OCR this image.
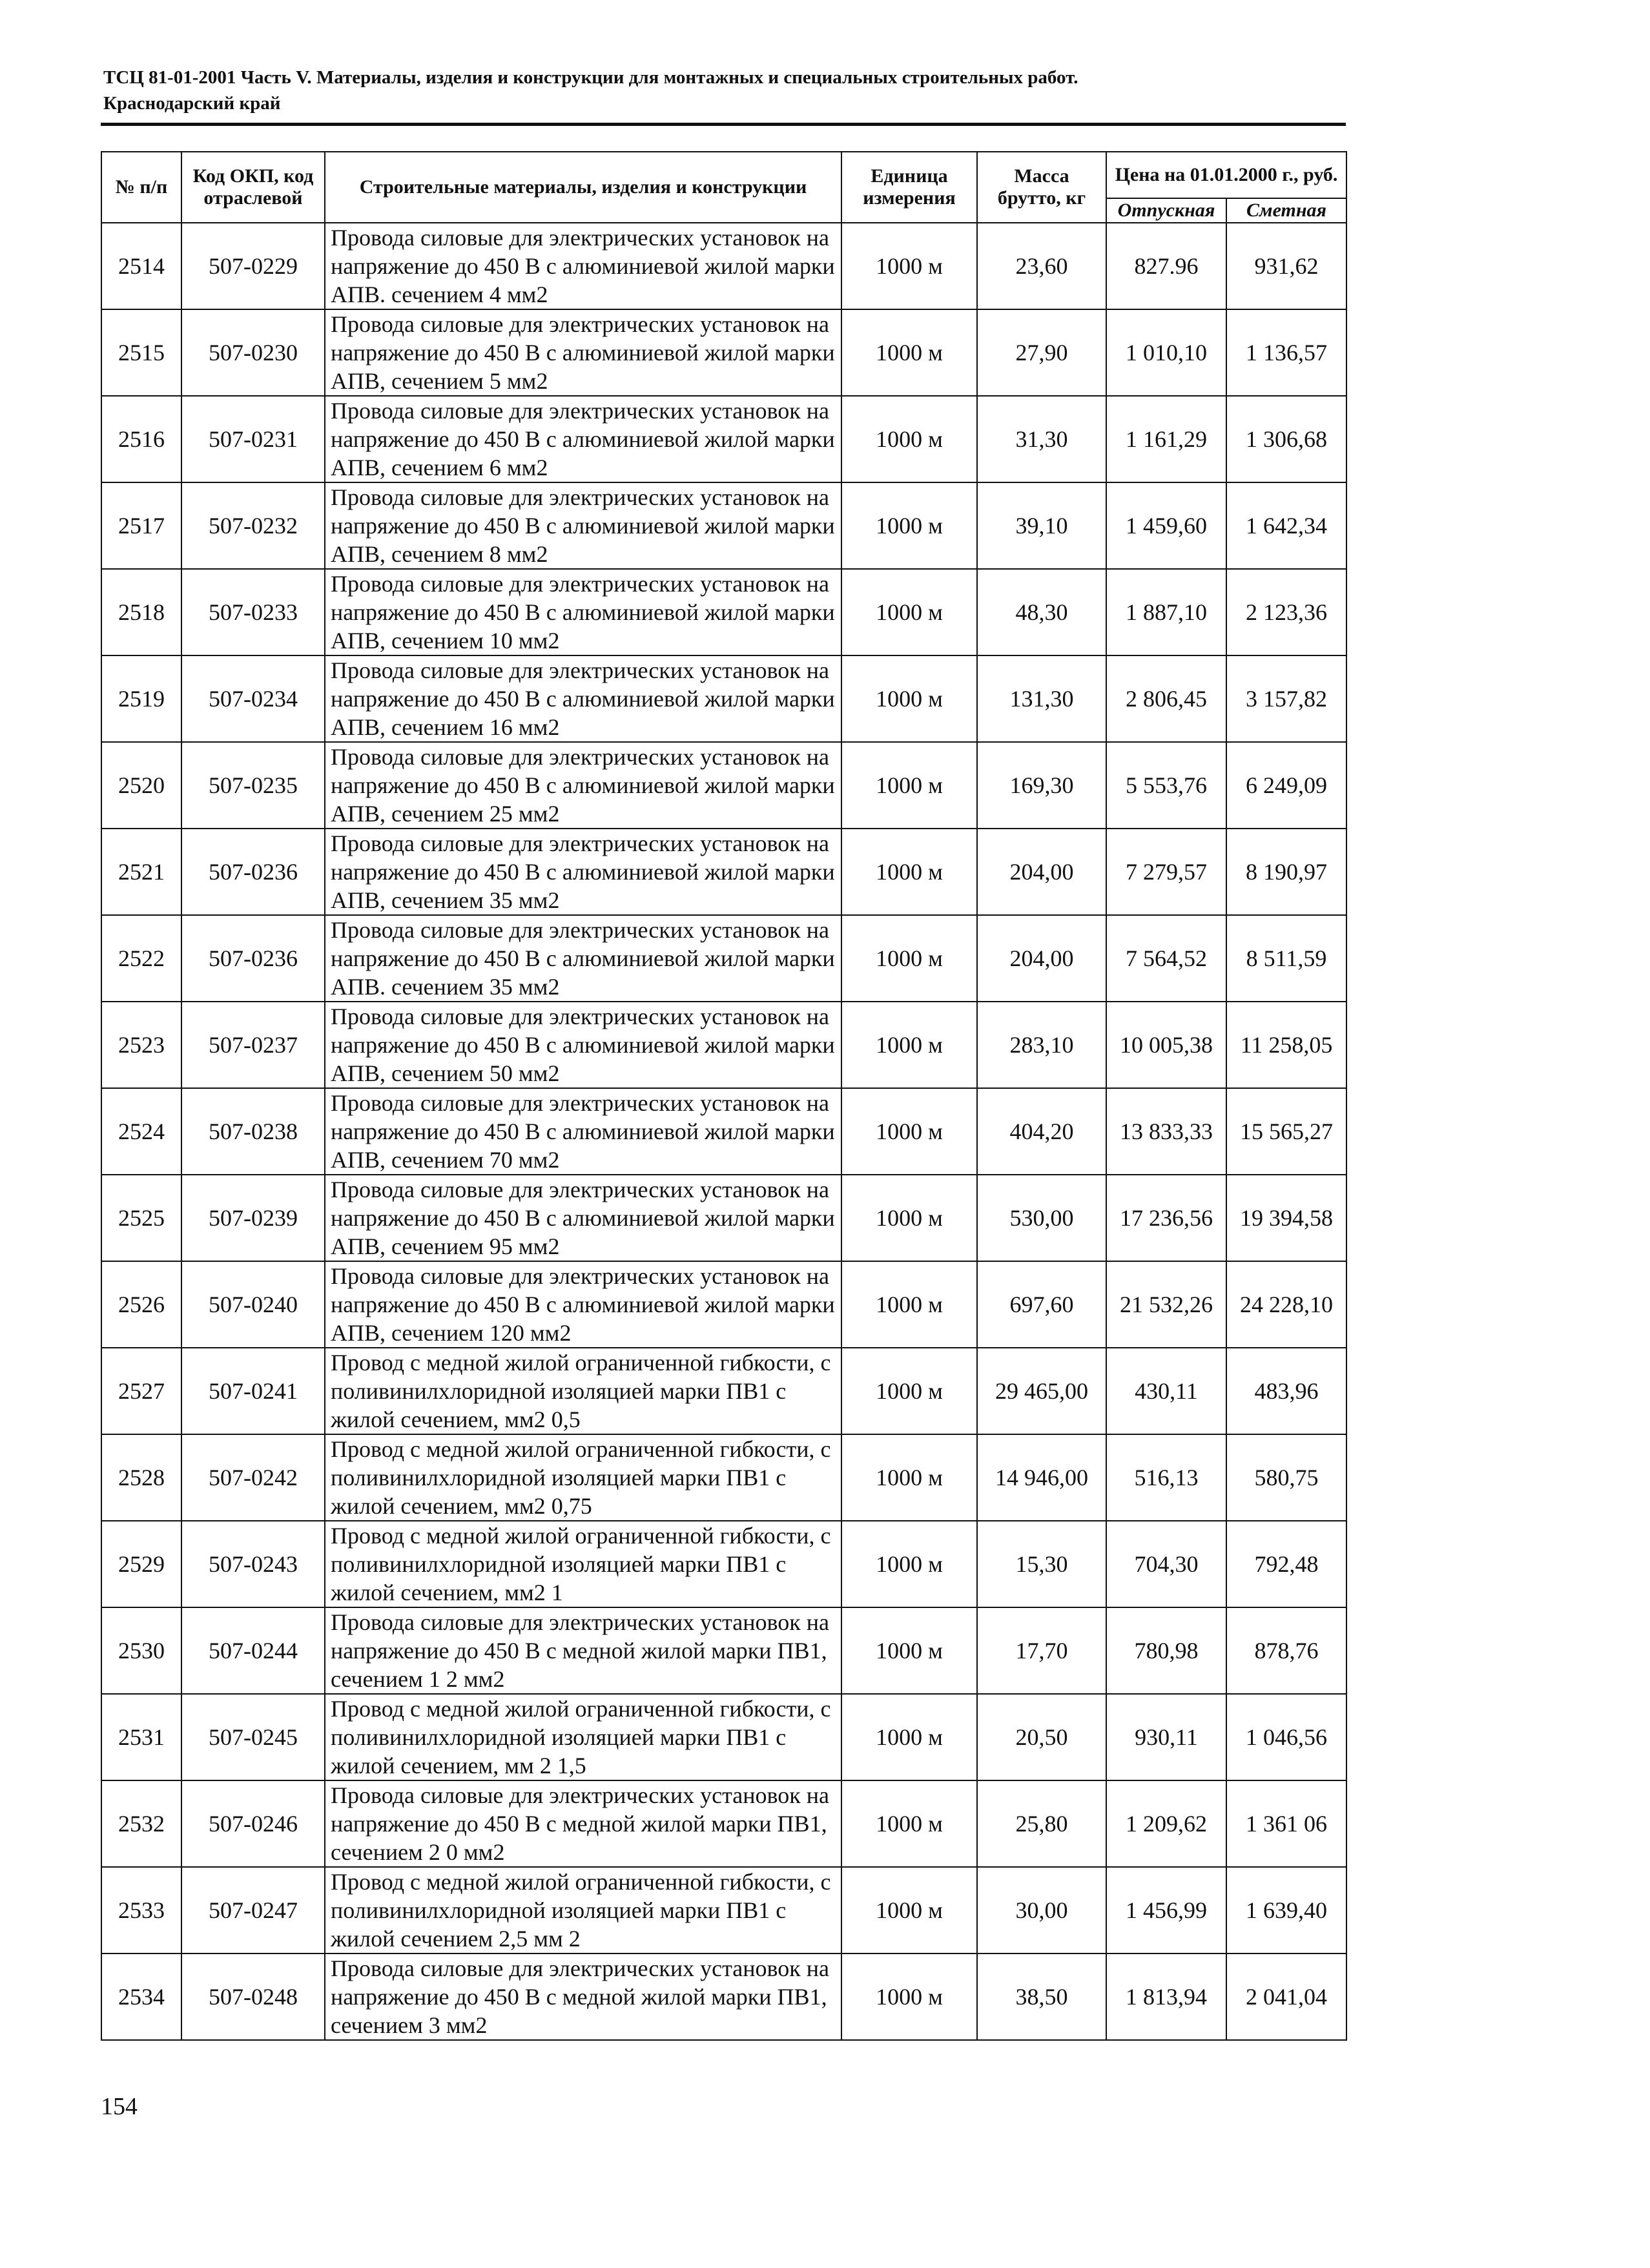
ТСЦ 81-01-2001 Часть V. Материалы, изделия и конструкции для монтажных и специальных строительных работ.
Краснодарский край
№ п/п	Код ОКП, код отраслевой	Строительные материалы, изделия и конструкции	Единица измерения	Масса брутто, кг	Цена на 01.01.2000 г., руб.	
					Отпускная	Сметная
2514	507-0229	Провода силовые для электрических установок на напряжение до 450 В с алюминиевой жилой марки АПВ. сечением 4 мм2	1000 м	23,60	827.96	931,62
2515	507-0230	Провода силовые для электрических установок на напряжение до 450 В с алюминиевой жилой марки АПВ, сечением 5 мм2	1000 м	27,90	1 010,10	1 136,57
2516	507-0231	Провода силовые для электрических установок на напряжение до 450 В с алюминиевой жилой марки АПВ, сечением 6 мм2	1000 м	31,30	1 161,29	1 306,68
2517	507-0232	Провода силовые для электрических установок на напряжение до 450 В с алюминиевой жилой марки АПВ, сечением 8 мм2	1000 м	39,10	1 459,60	1 642,34
2518	507-0233	Провода силовые для электрических установок на напряжение до 450 В с алюминиевой жилой марки АПВ, сечением 10 мм2	1000 м	48,30	1 887,10	2 123,36
2519	507-0234	Провода силовые для электрических установок на напряжение до 450 В с алюминиевой жилой марки АПВ, сечением 16 мм2	1000 м	131,30	2 806,45	3 157,82
2520	507-0235	Провода силовые для электрических установок на напряжение до 450 В с алюминиевой жилой марки АПВ, сечением 25 мм2	1000 м	169,30	5 553,76	6 249,09
2521	507-0236	Провода силовые для электрических установок на напряжение до 450 В с алюминиевой жилой марки АПВ, сечением 35 мм2	1000 м	204,00	7 279,57	8 190,97
2522	507-0236	Провода силовые для электрических установок на напряжение до 450 В с алюминиевой жилой марки АПВ. сечением 35 мм2	1000 м	204,00	7 564,52	8 511,59
2523	507-0237	Провода силовые для электрических установок на напряжение до 450 В с алюминиевой жилой марки АПВ, сечением 50 мм2	1000 м	283,10	10 005,38	11 258,05
2524	507-0238	Провода силовые для электрических установок на напряжение до 450 В с алюминиевой жилой марки АПВ, сечением 70 мм2	1000 м	404,20	13 833,33	15 565,27
2525	507-0239	Провода силовые для электрических установок на напряжение до 450 В с алюминиевой жилой марки АПВ, сечением 95 мм2	1000 м	530,00	17 236,56	19 394,58
2526	507-0240	Провода силовые для электрических установок на напряжение до 450 В с алюминиевой жилой марки АПВ, сечением 120 мм2	1000 м	697,60	21 532,26	24 228,10
2527	507-0241	Провод с медной жилой ограниченной гибкости, с поливинилхлоридной изоляцией марки ПВ1 с жилой сечением, мм2 0,5	1000 м	29 465,00	430,11	483,96
2528	507-0242	Провод с медной жилой ограниченной гибкости, с поливинилхлоридной изоляцией марки ПВ1 с жилой сечением, мм2 0,75	1000 м	14 946,00	516,13	580,75
2529	507-0243	Провод с медной жилой ограниченной гибкости, с поливинилхлоридной изоляцией марки ПВ1 с жилой сечением, мм2 1	1000 м	15,30	704,30	792,48
2530	507-0244	Провода силовые для электрических установок на напряжение до 450 В с медной жилой марки ПВ1, сечением 1 2 мм2	1000 м	17,70	780,98	878,76
2531	507-0245	Провод с медной жилой ограниченной гибкости, с поливинилхлоридной изоляцией марки ПВ1 с жилой сечением, мм 2 1,5	1000 м	20,50	930,11	1 046,56
2532	507-0246	Провода силовые для электрических установок на напряжение до 450 В с медной жилой марки ПВ1, сечением 2 0 мм2	1000 м	25,80	1 209,62	1 361 06
2533	507-0247	Провод с медной жилой ограниченной гибкости, с поливинилхлоридной изоляцией марки ПВ1 с жилой сечением 2,5 мм 2	1000 м	30,00	1 456,99	1 639,40
2534	507-0248	Провода силовые для электрических установок на напряжение до 450 В с медной жилой марки ПВ1, сечением 3 мм2	1000 м	38,50	1 813,94	2 041,04
154
